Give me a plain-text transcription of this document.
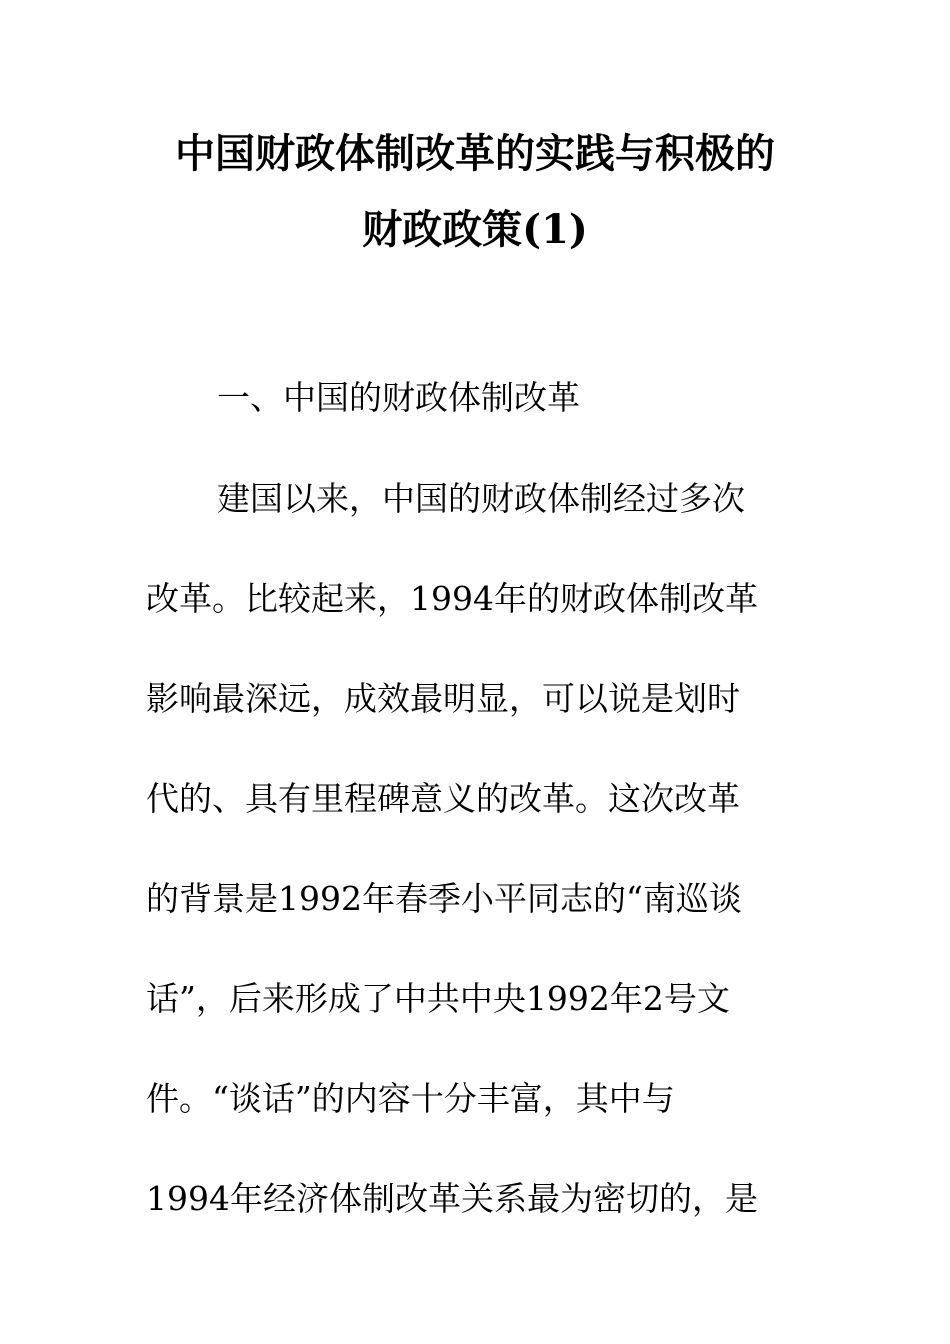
中国财政体制改革的实践与积极的
财政政策(1)
一、中国的财政体制改革
建国以来，中国的财政体制经过多次
改革。比较起来，1994年的财政体制改革
影响最深远，成效最明显，可以说是划时
代的、具有里程碑意义的改革。这次改革
的背景是1992年春季小平同志的“南巡谈
话”，后来形成了中共中央1992年2号文
件。“谈话”的内容十分丰富，其中与
1994年经济体制改革关系最为密切的，是
